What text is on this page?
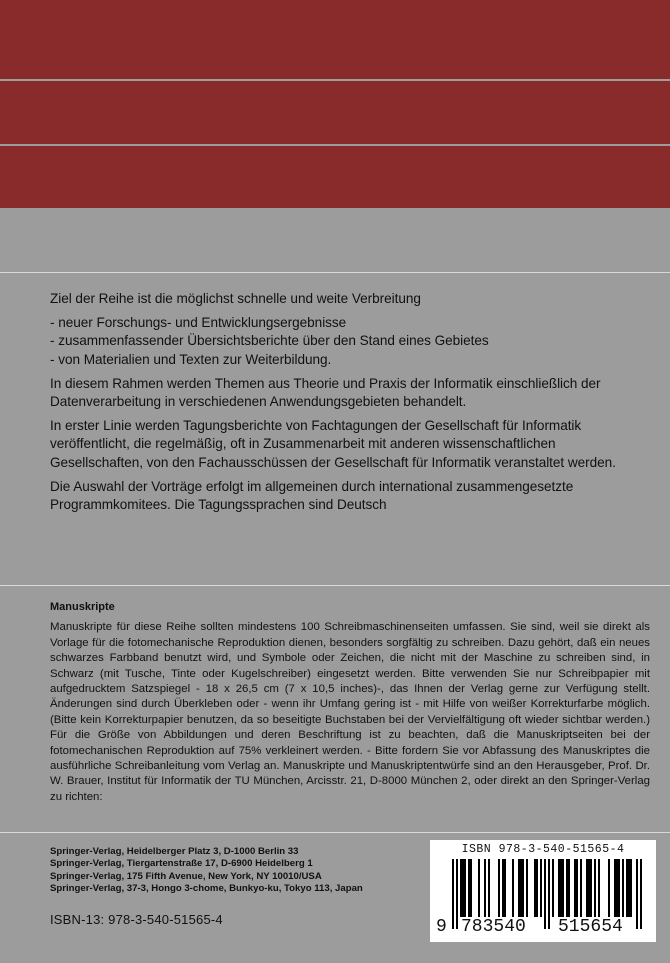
Ziel der Reihe ist die möglichst schnelle und weite Verbreitung

- neuer Forschungs- und Entwicklungsergebnisse
- zusammenfassender Übersichtsberichte über den Stand eines Gebietes
- von Materialien und Texten zur Weiterbildung.

In diesem Rahmen werden Themen aus Theorie und Praxis der Informatik einschließlich der Datenverarbeitung in verschiedenen Anwendungsgebieten behandelt.

In erster Linie werden Tagungsberichte von Fachtagungen der Gesellschaft für Informatik veröffentlicht, die regelmäßig, oft in Zusammenarbeit mit anderen wissenschaftlichen Gesellschaften, von den Fachausschüssen der Gesellschaft für Informatik veranstaltet werden.

Die Auswahl der Vorträge erfolgt im allgemeinen durch international zusammengesetzte Programmkomitees. Die Tagungssprachen sind Deutsch

Manuskripte

Manuskripte für diese Reihe sollten mindestens 100 Schreibmaschinenseiten umfassen. Sie sind, weil sie direkt als Vorlage für die fotomechanische Reproduktion dienen, besonders sorgfältig zu schreiben. Dazu gehört, daß ein neues schwarzes Farbband benutzt wird, und Symbole oder Zeichen, die nicht mit der Maschine zu schreiben sind, in Schwarz (mit Tusche, Tinte oder Kugelschreiber) eingesetzt werden. Bitte verwenden Sie nur Schreibpapier mit aufgedrucktem Satzspiegel - 18 x 26,5 cm (7 x 10,5 inches)-, das Ihnen der Verlag gerne zur Verfügung stellt. Änderungen sind durch Überkleben oder - wenn ihr Umfang gering ist - mit Hilfe von weißer Korrekturfarbe möglich. (Bitte kein Korrekturpapier benutzen, da so beseitigte Buchstaben bei der Vervielfältigung oft wieder sichtbar werden.) Für die Größe von Abbildungen und deren Beschriftung ist zu beachten, daß die Manuskriptseiten bei der fotomechanischen Reproduktion auf 75% verkleinert werden. - Bitte fordern Sie vor Abfassung des Manuskriptes die ausführliche Schreibanleitung vom Verlag an. Manuskripte und Manuskriptentwürfe sind an den Herausgeber, Prof. Dr. W. Brauer, Institut für Informatik der TU München, Arcisstr. 21, D-8000 München 2, oder direkt an den Springer-Verlag zu richten:

Springer-Verlag, Heidelberger Platz 3, D-1000 Berlin 33
Springer-Verlag, Tiergartenstraße 17, D-6900 Heidelberg 1
Springer-Verlag, 175 Fifth Avenue, New York, NY 10010/USA
Springer-Verlag, 37-3, Hongo 3-chome, Bunkyo-ku, Tokyo 113, Japan
ISBN-13: 978-3-540-51565-4
ISBN 978-3-540-51565-4
9 783540 515654
